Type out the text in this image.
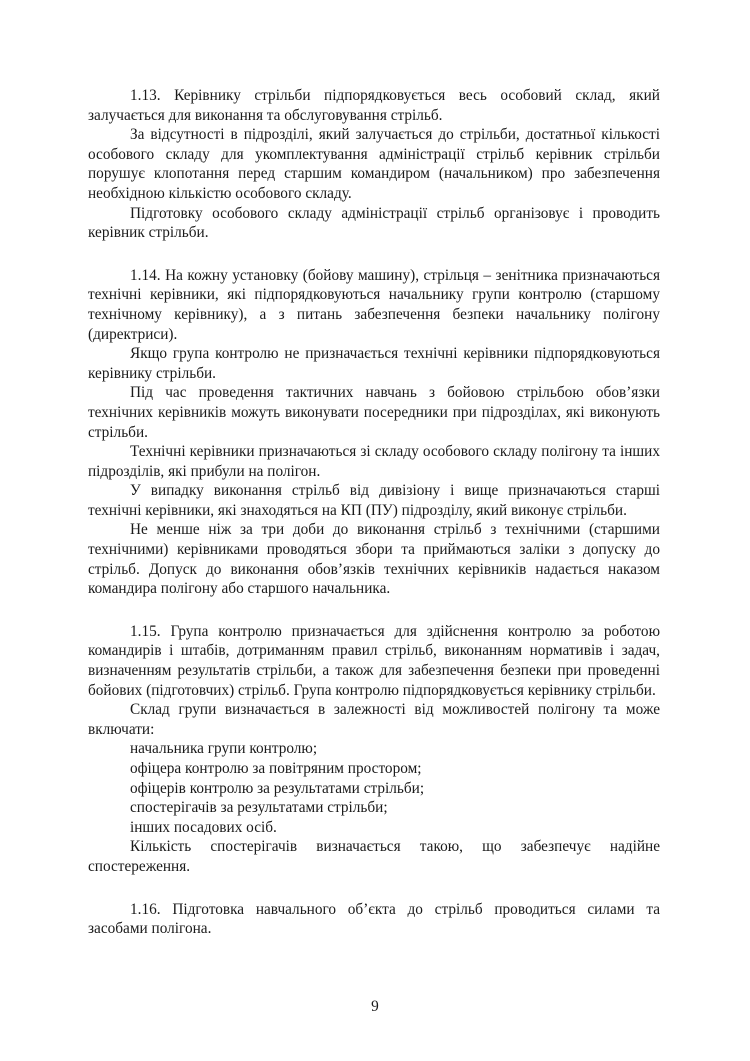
1.13. Керівнику стрільби підпорядковується весь особовий склад, який залучається для виконання та обслуговування стрільб.

За відсутності в підрозділі, який залучається до стрільби, достатньої кількості особового складу для укомплектування адміністрації стрільб керівник стрільби порушує клопотання перед старшим командиром (начальником) про забезпечення необхідною кількістю особового складу.

Підготовку особового складу адміністрації стрільб організовує і проводить керівник стрільби.

1.14. На кожну установку (бойову машину), стрільця – зенітника призначаються технічні керівники, які підпорядковуються начальнику групи контролю (старшому технічному керівнику), а з питань забезпечення безпеки начальнику полігону (директриси).

Якщо група контролю не призначається технічні керівники підпорядковуються керівнику стрільби.

Під час проведення тактичних навчань з бойовою стрільбою обов’язки технічних керівників можуть виконувати посередники при підрозділах, які виконують стрільби.

Технічні керівники призначаються зі складу особового складу полігону та інших підрозділів, які прибули на полігон.

У випадку виконання стрільб від дивізіону і вище призначаються старші технічні керівники, які знаходяться на КП (ПУ) підрозділу, який виконує стрільби.

Не менше ніж за три доби до виконання стрільб з технічними (старшими технічними) керівниками проводяться збори та приймаються заліки з допуску до стрільб. Допуск до виконання обов’язків технічних керівників надається наказом командира полігону або старшого начальника.

1.15. Група контролю призначається для здійснення контролю за роботою командирів і штабів, дотриманням правил стрільб, виконанням нормативів і задач, визначенням результатів стрільби, а також для забезпечення безпеки при проведенні бойових (підготовчих) стрільб. Група контролю підпорядковується керівнику стрільби.

Склад групи визначається в залежності від можливостей полігону та може включати:

начальника групи контролю;

офіцера контролю за повітряним простором;

офіцерів контролю за результатами стрільби;

спостерігачів за результатами стрільби;

інших посадових осіб.

Кількість спостерігачів визначається такою, що забезпечує надійне спостереження.

1.16. Підготовка навчального об’єкта до стрільб проводиться силами та засобами полігона.

9
